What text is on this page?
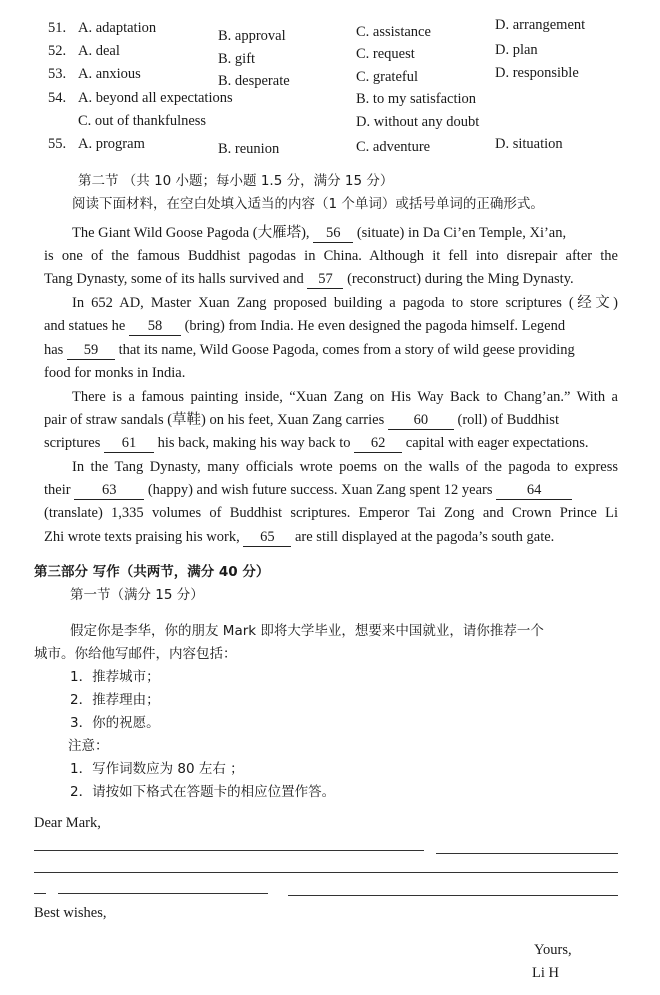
51. A. adaptation	B. approval	C. assistance	D. arrangement
52. A. deal	B. gift	C. request	D. plan
53. A. anxious	B. desperate	C. grateful	D. responsible
54. A. beyond all expectations	B. to my satisfaction
C. out of thankfulness	D. without any doubt
55. A. program	B. reunion	C. adventure	D. situation
第二节 （共 10 小题；每小题 1.5 分，满分 15 分）
阅读下面材料，在空白处填入适当的内容（1 个单词）或括号单词的正确形式。
The Giant Wild Goose Pagoda (大雁塔), 56 (situate) in Da Ci’en Temple, Xi’an,
is one of the famous Buddhist pagodas in China. Although it fell into disrepair after the
Tang Dynasty, some of its halls survived and 57 (reconstruct) during the Ming Dynasty.
In 652 AD, Master Xuan Zang proposed building a pagoda to store scriptures (经文)
and statues he 58 (bring) from India. He even designed the pagoda himself. Legend
has 59 that its name, Wild Goose Pagoda, comes from a story of wild geese providing
food for monks in India.
There is a famous painting inside, “Xuan Zang on His Way Back to Chang’an.” With a
pair of straw sandals (草鞋) on his feet, Xuan Zang carries 60 (roll) of Buddhist
scriptures 61 his back, making his way back to 62 capital with eager expectations.
In the Tang Dynasty, many officials wrote poems on the walls of the pagoda to express
their 63 (happy) and wish future success. Xuan Zang spent 12 years 64
(translate) 1,335 volumes of Buddhist scriptures. Emperor Tai Zong and Crown Prince Li
Zhi wrote texts praising his work, 65 are still displayed at the pagoda’s south gate.
第三部分 写作（共两节，满分 40 分）
第一节（满分 15 分）
假定你是李华，你的朋友 Mark 即将大学毕业，想要来中国就业，请你推荐一个
城市。你给他写邮件，内容包括：
1．推荐城市；
2．推荐理由；
3．你的祝愿。
注意：
1．写作词数应为 80 左右 ；
2．请按如下格式在答题卡的相应位置作答。
Dear Mark,
Best wishes,
Yours,
Li H
